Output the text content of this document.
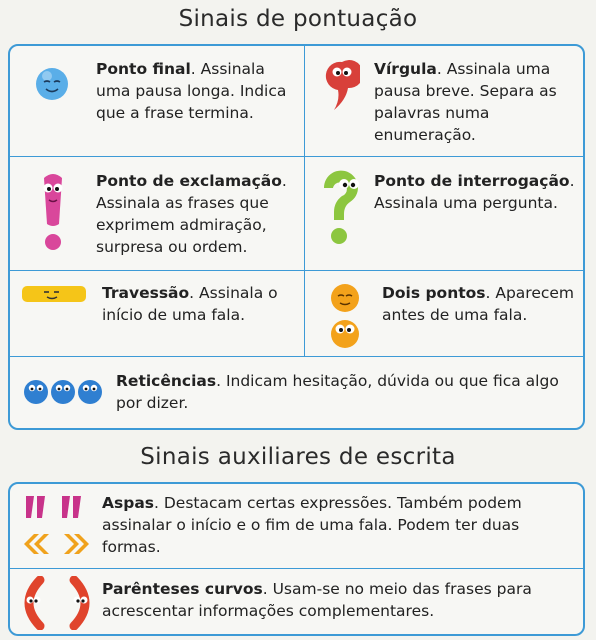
Sinais de pontuação
Ponto final. Assinala uma pausa longa. Indica que a frase termina.
Vírgula. Assinala uma pausa breve. Separa as palavras numa enumeração.
Ponto de exclamação. Assinala as frases que exprimem admiração, surpresa ou ordem.
Ponto de interrogação. Assinala uma pergunta.
Travessão. Assinala o início de uma fala.
Dois pontos. Aparecem antes de uma fala.
Reticências. Indicam hesitação, dúvida ou que fica algo por dizer.
Sinais auxiliares de escrita
Aspas. Destacam certas expressões. Também podem assinalar o início e o fim de uma fala. Podem ter duas formas.
Parênteses curvos. Usam-se no meio das frases para acrescentar informações complementares.
